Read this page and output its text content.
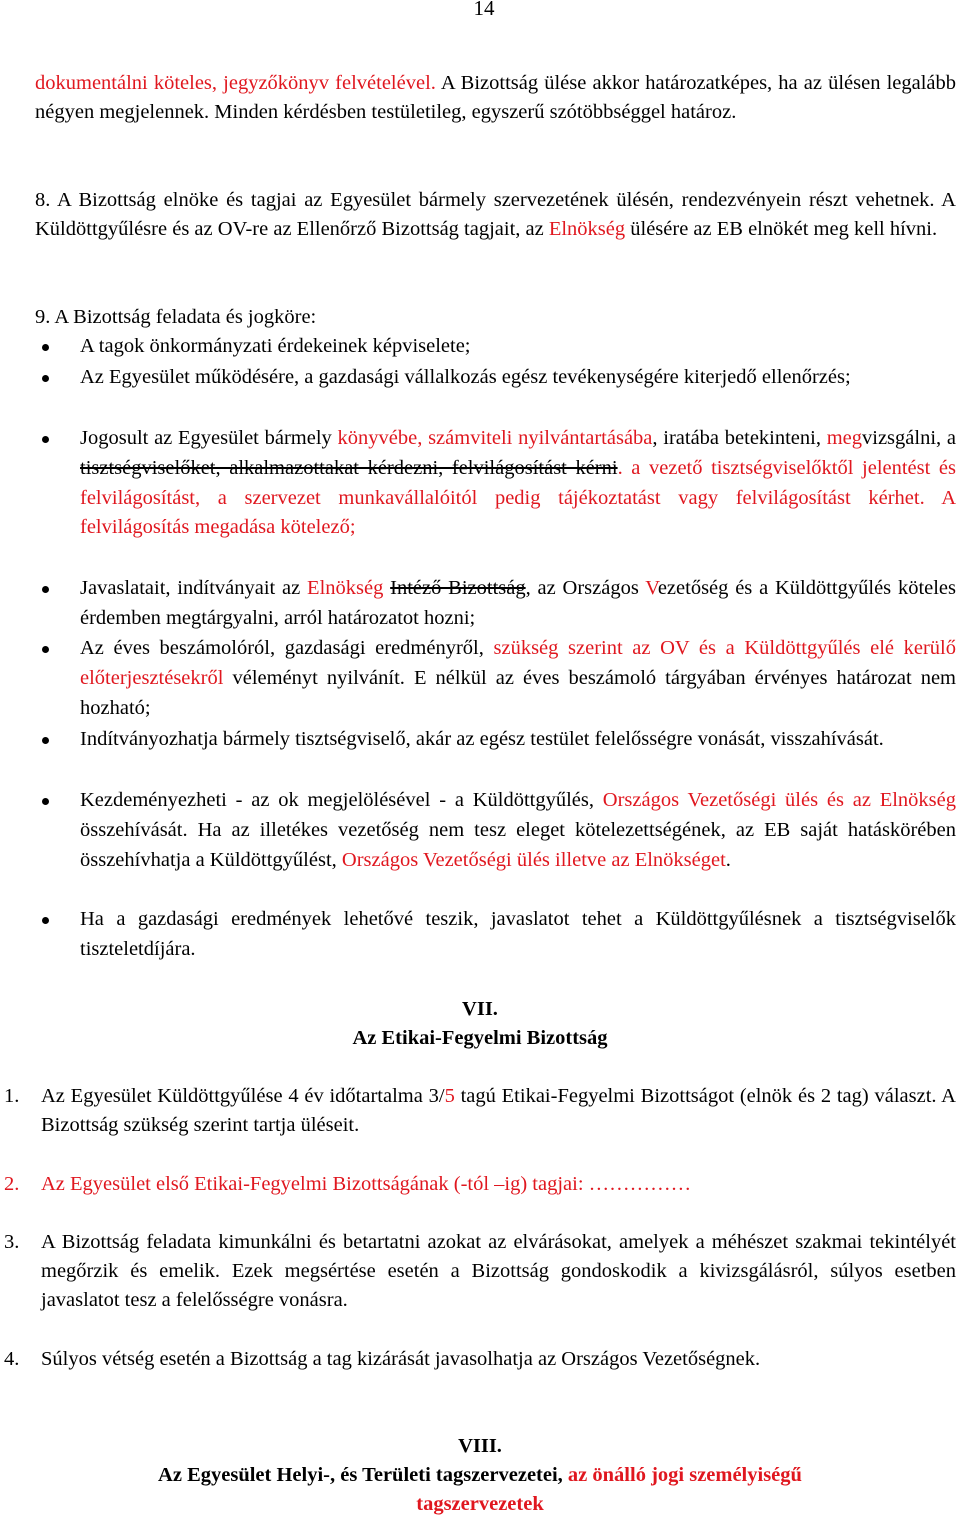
14
dokumentálni köteles, jegyzőkönyv felvételével. A Bizottság ülése akkor határozatképes, ha az ülésen legalább négyen megjelennek. Minden kérdésben testületileg, egyszerű szótöbbséggel határoz.
8. A Bizottság elnöke és tagjai az Egyesület bármely szervezetének ülésén, rendezvényein részt vehetnek. A Küldöttgyűlésre és az OV-re az Ellenőrző Bizottság tagjait, az Elnökség ülésére az EB elnökét meg kell hívni.
9. A Bizottság feladata és jogköre:
A tagok önkormányzati érdekeinek képviselete;
Az Egyesület működésére, a gazdasági vállalkozás egész tevékenységére kiterjedő ellenőrzés;
Jogosult az Egyesület bármely könyvébe, számviteli nyilvántartásába, iratába betekinteni, megvizsgálni, a tisztségviselőket, alkalmazottakat kérdezni, felvilágosítást kérni. a vezető tisztségviselőktől jelentést és felvilágosítást, a szervezet munkavállalóitól pedig tájékoztatást vagy felvilágosítást kérhet. A felvilágosítás megadása kötelező;
Javaslatait, indítványait az Elnökség Intéző Bizottság, az Országos Vezetőség és a Küldöttgyűlés köteles érdemben megtárgyalni, arról határozatot hozni;
Az éves beszámolóról, gazdasági eredményről, szükség szerint az OV és a Küldöttgyűlés elé kerülő előterjesztésekről véleményt nyilvánít. E nélkül az éves beszámoló tárgyában érvényes határozat nem hozható;
Indítványozhatja bármely tisztségviselő, akár az egész testület felelősségre vonását, visszahívását.
Kezdeményezheti - az ok megjelölésével - a Küldöttgyűlés, Országos Vezetőségi ülés és az Elnökség összehívását. Ha az illetékes vezetőség nem tesz eleget kötelezettségének, az EB saját hatáskörében összehívhatja a Küldöttgyűlést, Országos Vezetőségi ülés illetve az Elnökséget.
Ha a gazdasági eredmények lehetővé teszik, javaslatot tehet a Küldöttgyűlésnek a tisztségviselők tiszteletdíjára.
VII.
Az Etikai-Fegyelmi Bizottság
1. Az Egyesület Küldöttgyűlése 4 év időtartalma 3/5 tagú Etikai-Fegyelmi Bizottságot (elnök és 2 tag) választ. A Bizottság szükség szerint tartja üléseit.
2. Az Egyesület első Etikai-Fegyelmi Bizottságának (-tól –ig) tagjai: ……………
3. A Bizottság feladata kimunkálni és betartatni azokat az elvárásokat, amelyek a méhészet szakmai tekintélyét megőrzik és emelik. Ezek megsértése esetén a Bizottság gondoskodik a kivizsgálásról, súlyos esetben javaslatot tesz a felelősségre vonásra.
4. Súlyos vétség esetén a Bizottság a tag kizárását javasolhatja az Országos Vezetőségnek.
VIII.
Az Egyesület Helyi-, és Területi tagszervezetei, az önálló jogi személyiségű
tagszervezetek
